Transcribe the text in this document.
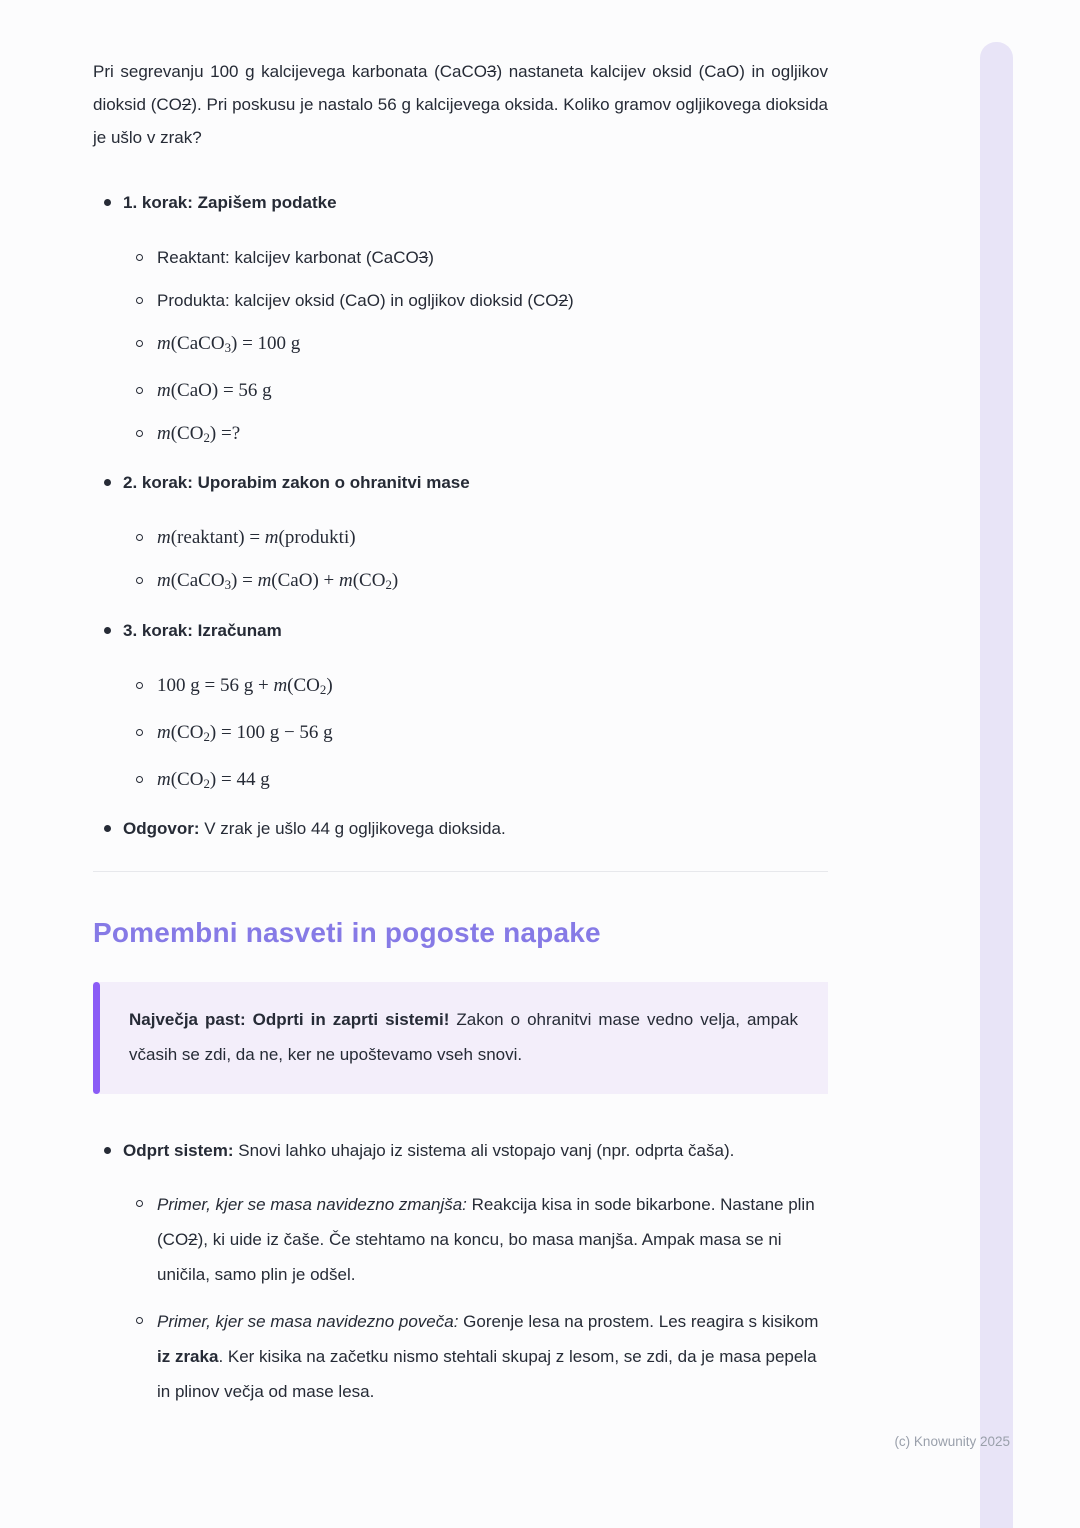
Pri segrevanju 100 g kalcijevega karbonata (CaCO3) nastaneta kalcijev oksid (CaO) in ogljikov dioksid (CO2). Pri poskusu je nastalo 56 g kalcijevega oksida. Koliko gramov ogljikovega dioksida je ušlo v zrak?

1. korak: Zapišem podatke
Reaktant: kalcijev karbonat (CaCO3)
Produkta: kalcijev oksid (CaO) in ogljikov dioksid (CO2)
m(CaCO3) = 100 g
m(CaO) = 56 g
m(CO2) =?
2. korak: Uporabim zakon o ohranitvi mase
m(reaktant) = m(produkti)
m(CaCO3) = m(CaO) + m(CO2)
3. korak: Izračunam
100 g = 56 g + m(CO2)
m(CO2) = 100 g − 56 g
m(CO2) = 44 g
Odgovor: V zrak je ušlo 44 g ogljikovega dioksida.
Pomembni nasveti in pogoste napake

Največja past: Odprti in zaprti sistemi! Zakon o ohranitvi mase vedno velja, ampak včasih se zdi, da ne, ker ne upoštevamo vseh snovi.

Odprt sistem: Snovi lahko uhajajo iz sistema ali vstopajo vanj (npr. odprta čaša).
Primer, kjer se masa navidezno zmanjša: Reakcija kisa in sode bikarbone. Nastane plin (CO2), ki uide iz čaše. Če stehtamo na koncu, bo masa manjša. Ampak masa se ni uničila, samo plin je odšel.
Primer, kjer se masa navidezno poveča: Gorenje lesa na prostem. Les reagira s kisikom iz zraka. Ker kisika na začetku nismo stehtali skupaj z lesom, se zdi, da je masa pepela in plinov večja od mase lesa.
(c) Knowunity 2025
